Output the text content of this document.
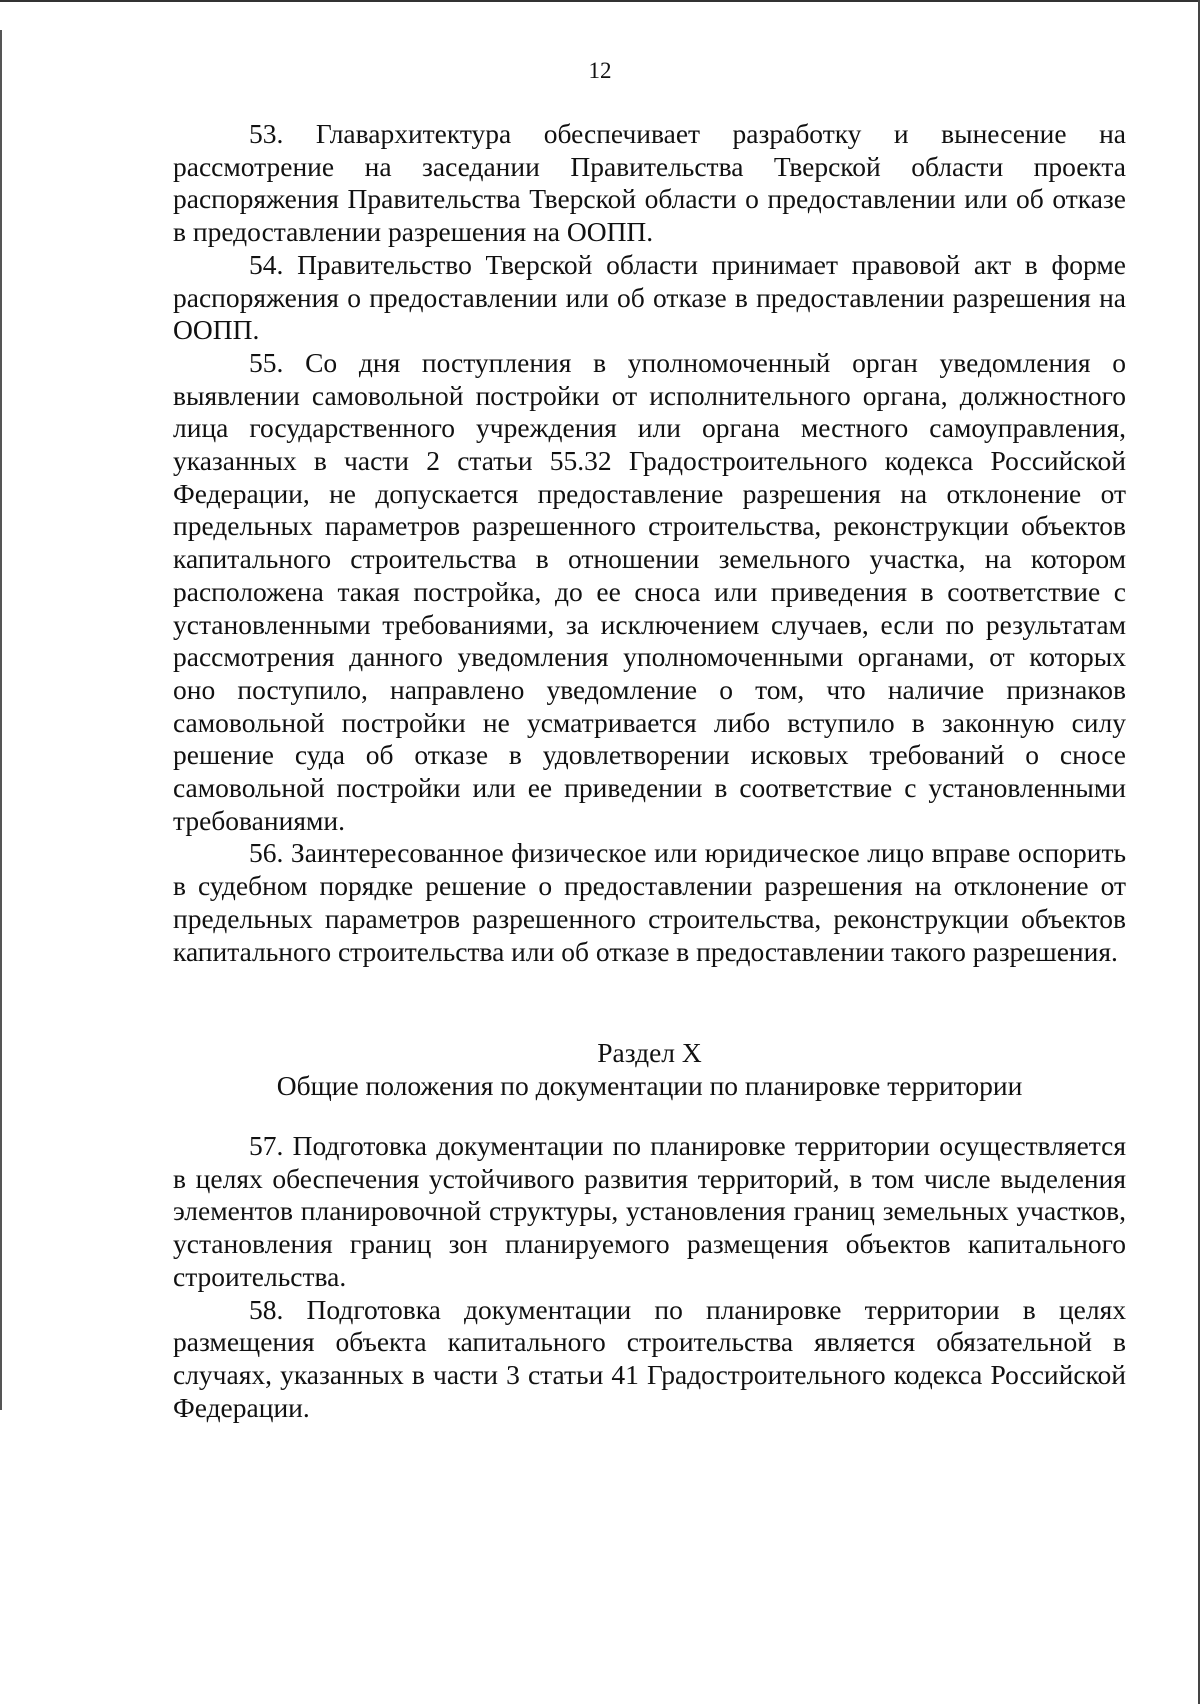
12

53. Главархитектура обеспечивает разработку и вынесение на рассмотрение на заседании Правительства Тверской области проекта распоряжения Правительства Тверской области о предоставлении или об отказе в предоставлении разрешения на ООПП.

54. Правительство Тверской области принимает правовой акт в форме распоряжения о предоставлении или об отказе в предоставлении разрешения на ООПП.

55. Со дня поступления в уполномоченный орган уведомления о выявлении самовольной постройки от исполнительного органа, должностного лица государственного учреждения или органа местного самоуправления, указанных в части 2 статьи 55.32 Градостроительного кодекса Российской Федерации, не допускается предоставление разрешения на отклонение от предельных параметров разрешенного строительства, реконструкции объектов капитального строительства в отношении земельного участка, на котором расположена такая постройка, до ее сноса или приведения в соответствие с установленными требованиями, за исключением случаев, если по результатам рассмотрения данного уведомления уполномоченными органами, от которых оно поступило, направлено уведомление о том, что наличие признаков самовольной постройки не усматривается либо вступило в законную силу решение суда об отказе в удовлетворении исковых требований о сносе самовольной постройки или ее приведении в соответствие с установленными требованиями.

56. Заинтересованное физическое или юридическое лицо вправе оспорить в судебном порядке решение о предоставлении разрешения на отклонение от предельных параметров разрешенного строительства, реконструкции объектов капитального строительства или об отказе в предоставлении такого разрешения.

Раздел X

Общие положения по документации по планировке территории

57. Подготовка документации по планировке территории осуществляется в целях обеспечения устойчивого развития территорий, в том числе выделения элементов планировочной структуры, установления границ земельных участков, установления границ зон планируемого размещения объектов капитального строительства.

58. Подготовка документации по планировке территории в целях размещения объекта капитального строительства является обязательной в случаях, указанных в части 3 статьи 41 Градостроительного кодекса Российской Федерации.
